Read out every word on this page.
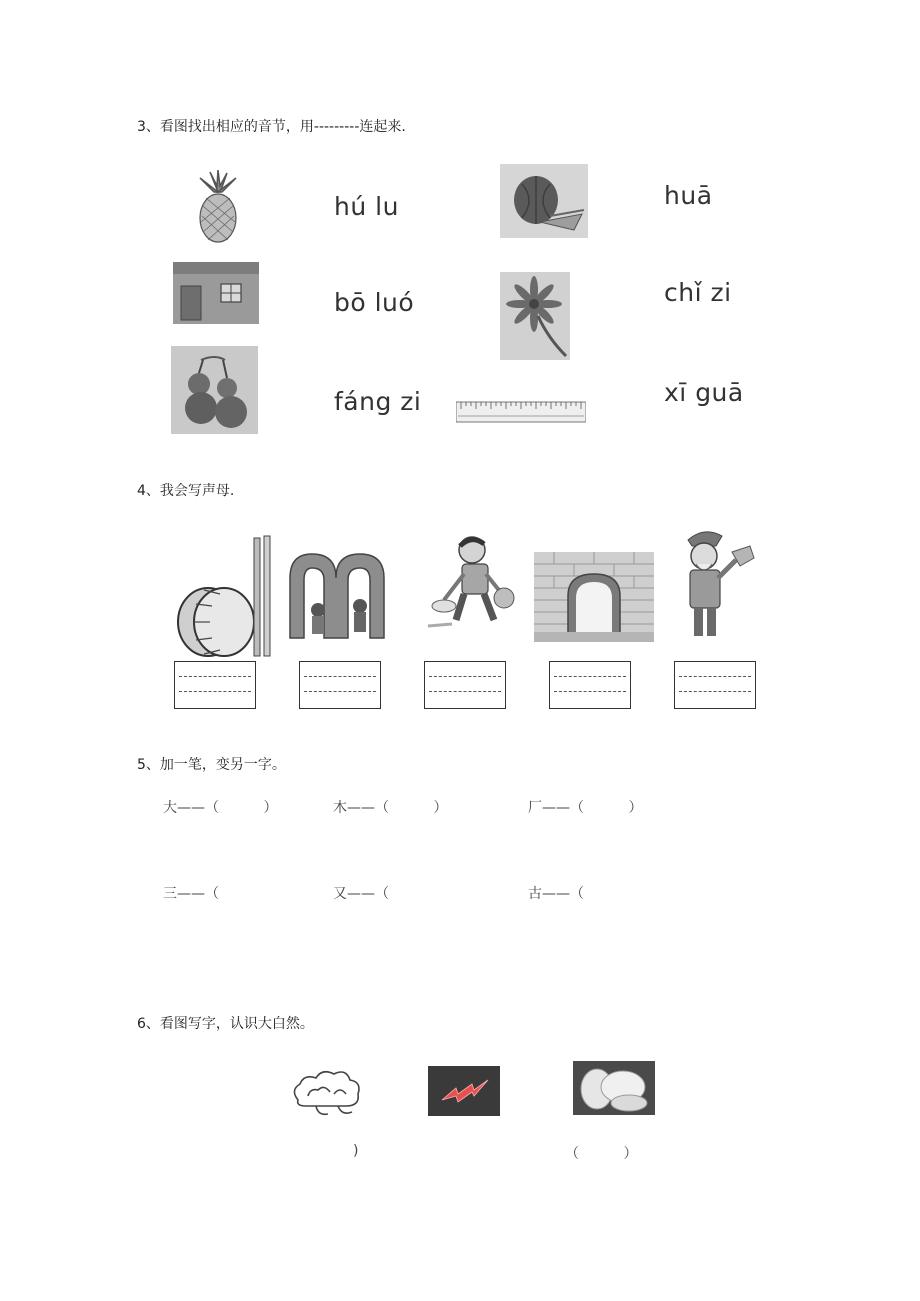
3、看图找出相应的音节，用---------连起来.
hú lu
bō luó
fáng zi
huā
chǐ zi
xī guā
4、我会写声母.
5、加一笔，变另一字。
大——（          ）	木——（          ）	厂——（          ）
三——（	又——（	古——（
6、看图写字，认识大白然。
)	（          ）
